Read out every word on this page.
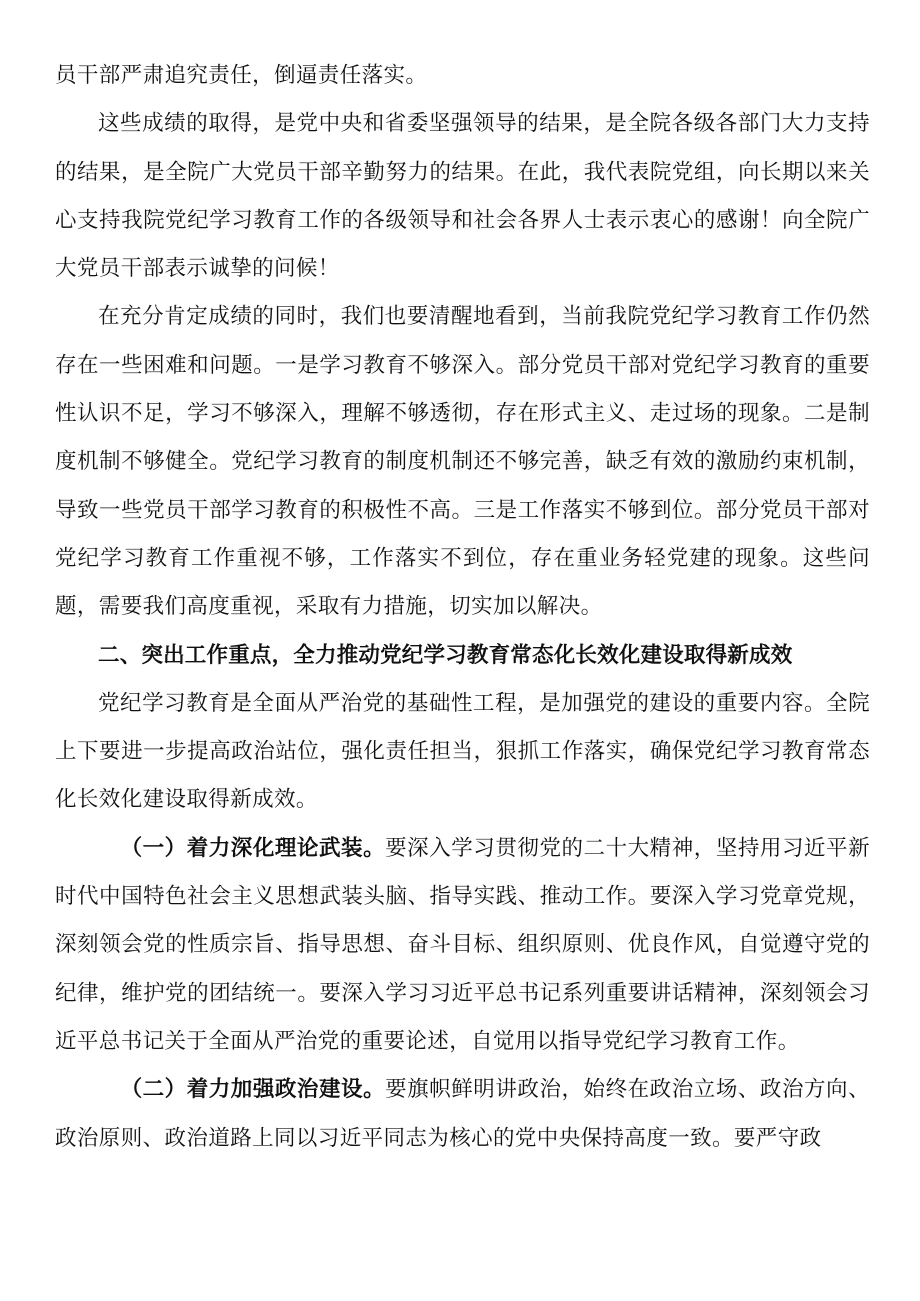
员干部严肃追究责任，倒逼责任落实。

这些成绩的取得，是党中央和省委坚强领导的结果，是全院各级各部门大力支持的结果，是全院广大党员干部辛勤努力的结果。在此，我代表院党组，向长期以来关心支持我院党纪学习教育工作的各级领导和社会各界人士表示衷心的感谢！向全院广大党员干部表示诚挚的问候！

在充分肯定成绩的同时，我们也要清醒地看到，当前我院党纪学习教育工作仍然存在一些困难和问题。一是学习教育不够深入。部分党员干部对党纪学习教育的重要性认识不足，学习不够深入，理解不够透彻，存在形式主义、走过场的现象。二是制度机制不够健全。党纪学习教育的制度机制还不够完善，缺乏有效的激励约束机制，导致一些党员干部学习教育的积极性不高。三是工作落实不够到位。部分党员干部对党纪学习教育工作重视不够，工作落实不到位，存在重业务轻党建的现象。这些问题，需要我们高度重视，采取有力措施，切实加以解决。

二、突出工作重点，全力推动党纪学习教育常态化长效化建设取得新成效

党纪学习教育是全面从严治党的基础性工程，是加强党的建设的重要内容。全院上下要进一步提高政治站位，强化责任担当，狠抓工作落实，确保党纪学习教育常态化长效化建设取得新成效。

（一）着力深化理论武装。要深入学习贯彻党的二十大精神，坚持用习近平新时代中国特色社会主义思想武装头脑、指导实践、推动工作。要深入学习党章党规，深刻领会党的性质宗旨、指导思想、奋斗目标、组织原则、优良作风，自觉遵守党的纪律，维护党的团结统一。要深入学习习近平总书记系列重要讲话精神，深刻领会习近平总书记关于全面从严治党的重要论述，自觉用以指导党纪学习教育工作。

（二）着力加强政治建设。要旗帜鲜明讲政治，始终在政治立场、政治方向、政治原则、政治道路上同以习近平同志为核心的党中央保持高度一致。要严守政
